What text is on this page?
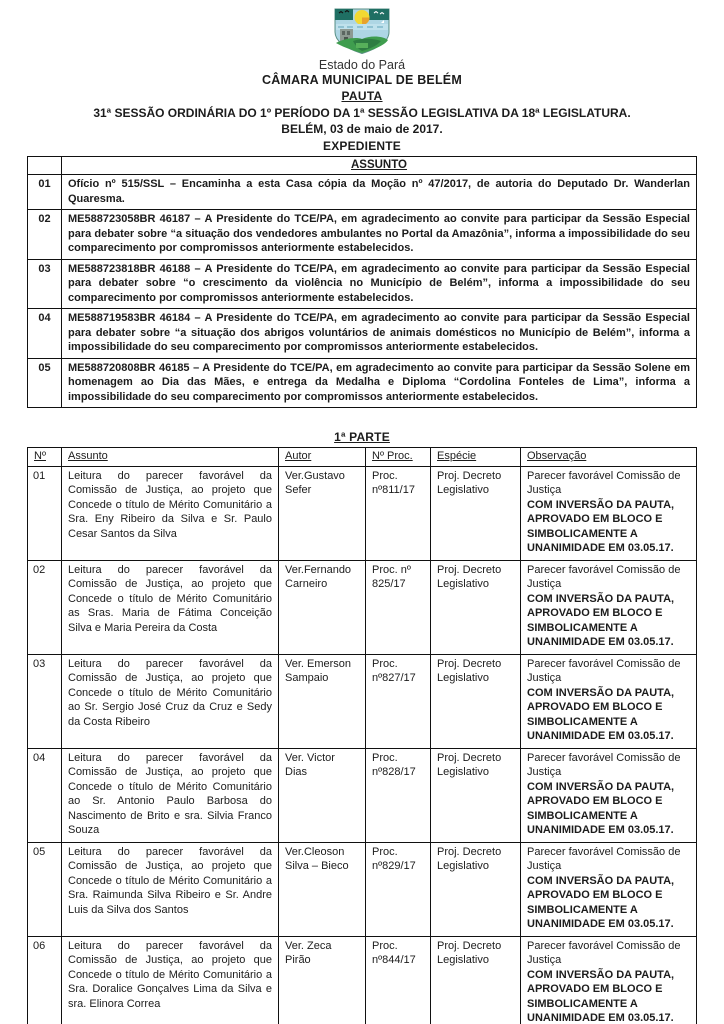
Estado do Pará
CÂMARA MUNICIPAL DE BELÉM
PAUTA
31ª SESSÃO ORDINÁRIA DO 1º PERÍODO DA 1ª SESSÃO LEGISLATIVA DA 18ª LEGISLATURA.
BELÉM, 03 de maio de 2017.
EXPEDIENTE
	ASSUNTO
01	Ofício nº 515/SSL – Encaminha a esta Casa cópia da Moção nº 47/2017, de autoria do Deputado Dr. Wanderlan Quaresma.
02	ME588723058BR 46187 – A Presidente do TCE/PA, em agradecimento ao convite para participar da Sessão Especial para debater sobre “a situação dos vendedores ambulantes no Portal da Amazônia”, informa a impossibilidade do seu comparecimento por compromissos anteriormente estabelecidos.
03	ME588723818BR 46188 – A Presidente do TCE/PA, em agradecimento ao convite para participar da Sessão Especial para debater sobre “o crescimento da violência no Município de Belém”, informa a impossibilidade do seu comparecimento por compromissos anteriormente estabelecidos.
04	ME588719583BR 46184 – A Presidente do TCE/PA, em agradecimento ao convite para participar da Sessão Especial para debater sobre “a situação dos abrigos voluntários de animais domésticos no Município de Belém”, informa a impossibilidade do seu comparecimento por compromissos anteriormente estabelecidos.
05	ME588720808BR 46185 – A Presidente do TCE/PA, em agradecimento ao convite para participar da Sessão Solene em homenagem ao Dia das Mães, e entrega da Medalha e Diploma “Cordolina Fonteles de Lima”, informa a impossibilidade do seu comparecimento por compromissos anteriormente estabelecidos.
1ª PARTE
Nº	Assunto	Autor	Nº Proc.	Espécie	Observação
01	Leitura do parecer favorável da Comissão de Justiça, ao projeto que Concede o título de Mérito Comunitário a Sra. Eny Ribeiro da Silva e Sr. Paulo Cesar Santos da Silva	Ver.Gustavo Sefer	Proc. nº811/17	Proj. Decreto Legislativo	Parecer favorável Comissão de Justiça
COM INVERSÃO DA PAUTA, APROVADO EM BLOCO E SIMBOLICAMENTE A UNANIMIDADE EM 03.05.17.

02	Leitura do parecer favorável da Comissão de Justiça, ao projeto que Concede o título de Mérito Comunitário as Sras. Maria de Fátima Conceição Silva e Maria Pereira da Costa	Ver.Fernando Carneiro	Proc. nº 825/17	Proj. Decreto Legislativo	Parecer favorável Comissão de Justiça
COM INVERSÃO DA PAUTA, APROVADO EM BLOCO E SIMBOLICAMENTE A UNANIMIDADE EM 03.05.17.

03	Leitura do parecer favorável da Comissão de Justiça, ao projeto que Concede o título de Mérito Comunitário ao Sr. Sergio José Cruz da Cruz e Sedy da Costa Ribeiro	Ver. Emerson Sampaio	Proc. nº827/17	Proj. Decreto Legislativo	Parecer favorável Comissão de Justiça
COM INVERSÃO DA PAUTA, APROVADO EM BLOCO E SIMBOLICAMENTE A UNANIMIDADE EM 03.05.17.

04	Leitura do parecer favorável da Comissão de Justiça, ao projeto que Concede o título de Mérito Comunitário ao Sr. Antonio Paulo Barbosa do Nascimento de Brito e sra. Silvia Franco Souza	Ver. Victor Dias	Proc. nº828/17	Proj. Decreto Legislativo	Parecer favorável Comissão de Justiça
COM INVERSÃO DA PAUTA, APROVADO EM BLOCO E SIMBOLICAMENTE A UNANIMIDADE EM 03.05.17.

05	Leitura do parecer favorável da Comissão de Justiça, ao projeto que Concede o título de Mérito Comunitário a Sra. Raimunda Silva Ribeiro e Sr. Andre Luis da Silva dos Santos	Ver.Cleoson Silva – Bieco	Proc. nº829/17	Proj. Decreto Legislativo	Parecer favorável Comissão de Justiça
COM INVERSÃO DA PAUTA, APROVADO EM BLOCO E SIMBOLICAMENTE A UNANIMIDADE EM 03.05.17.

06	Leitura do parecer favorável da Comissão de Justiça, ao projeto que Concede o título de Mérito Comunitário a Sra. Doralice Gonçalves Lima da Silva e sra. Elinora Correa	Ver. Zeca Pirão	Proc. nº844/17	Proj. Decreto Legislativo	Parecer favorável Comissão de Justiça
COM INVERSÃO DA PAUTA, APROVADO EM BLOCO E SIMBOLICAMENTE A UNANIMIDADE EM 03.05.17.
